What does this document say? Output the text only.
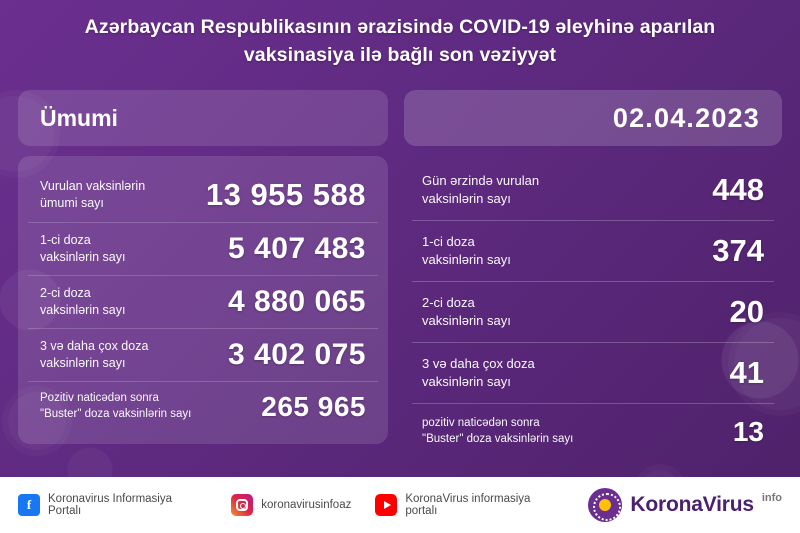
Azərbaycan Respublikasının ərazisində COVID-19 əleyhinə aparılan
vaksinasiya ilə bağlı son vəziyyət
Ümumi
Vurulan vaksinlərin
ümumi sayı	13 955 588
1-ci doza
vaksinlərin sayı	5 407 483
2-ci doza
vaksinlərin sayı	4 880 065
3 və daha çox doza
vaksinlərin sayı	3 402 075
Pozitiv naticədən sonra
"Buster" doza vaksinlərin sayı 265 965
02.04.2023
Gün ərzində vurulan
vaksinlərin sayı	448
1-ci doza
vaksinlərin sayı	374
2-ci doza
vaksinlərin sayı	20
3 və daha çox doza
vaksinlərin sayı	41
pozitiv naticədən sonra
"Buster" doza vaksinlərin sayı	13
f	Koronavirus Informasiya Portalı	koronavirusinfoaz	KoronaVirus informasiya portalı	KoronaVirus info
